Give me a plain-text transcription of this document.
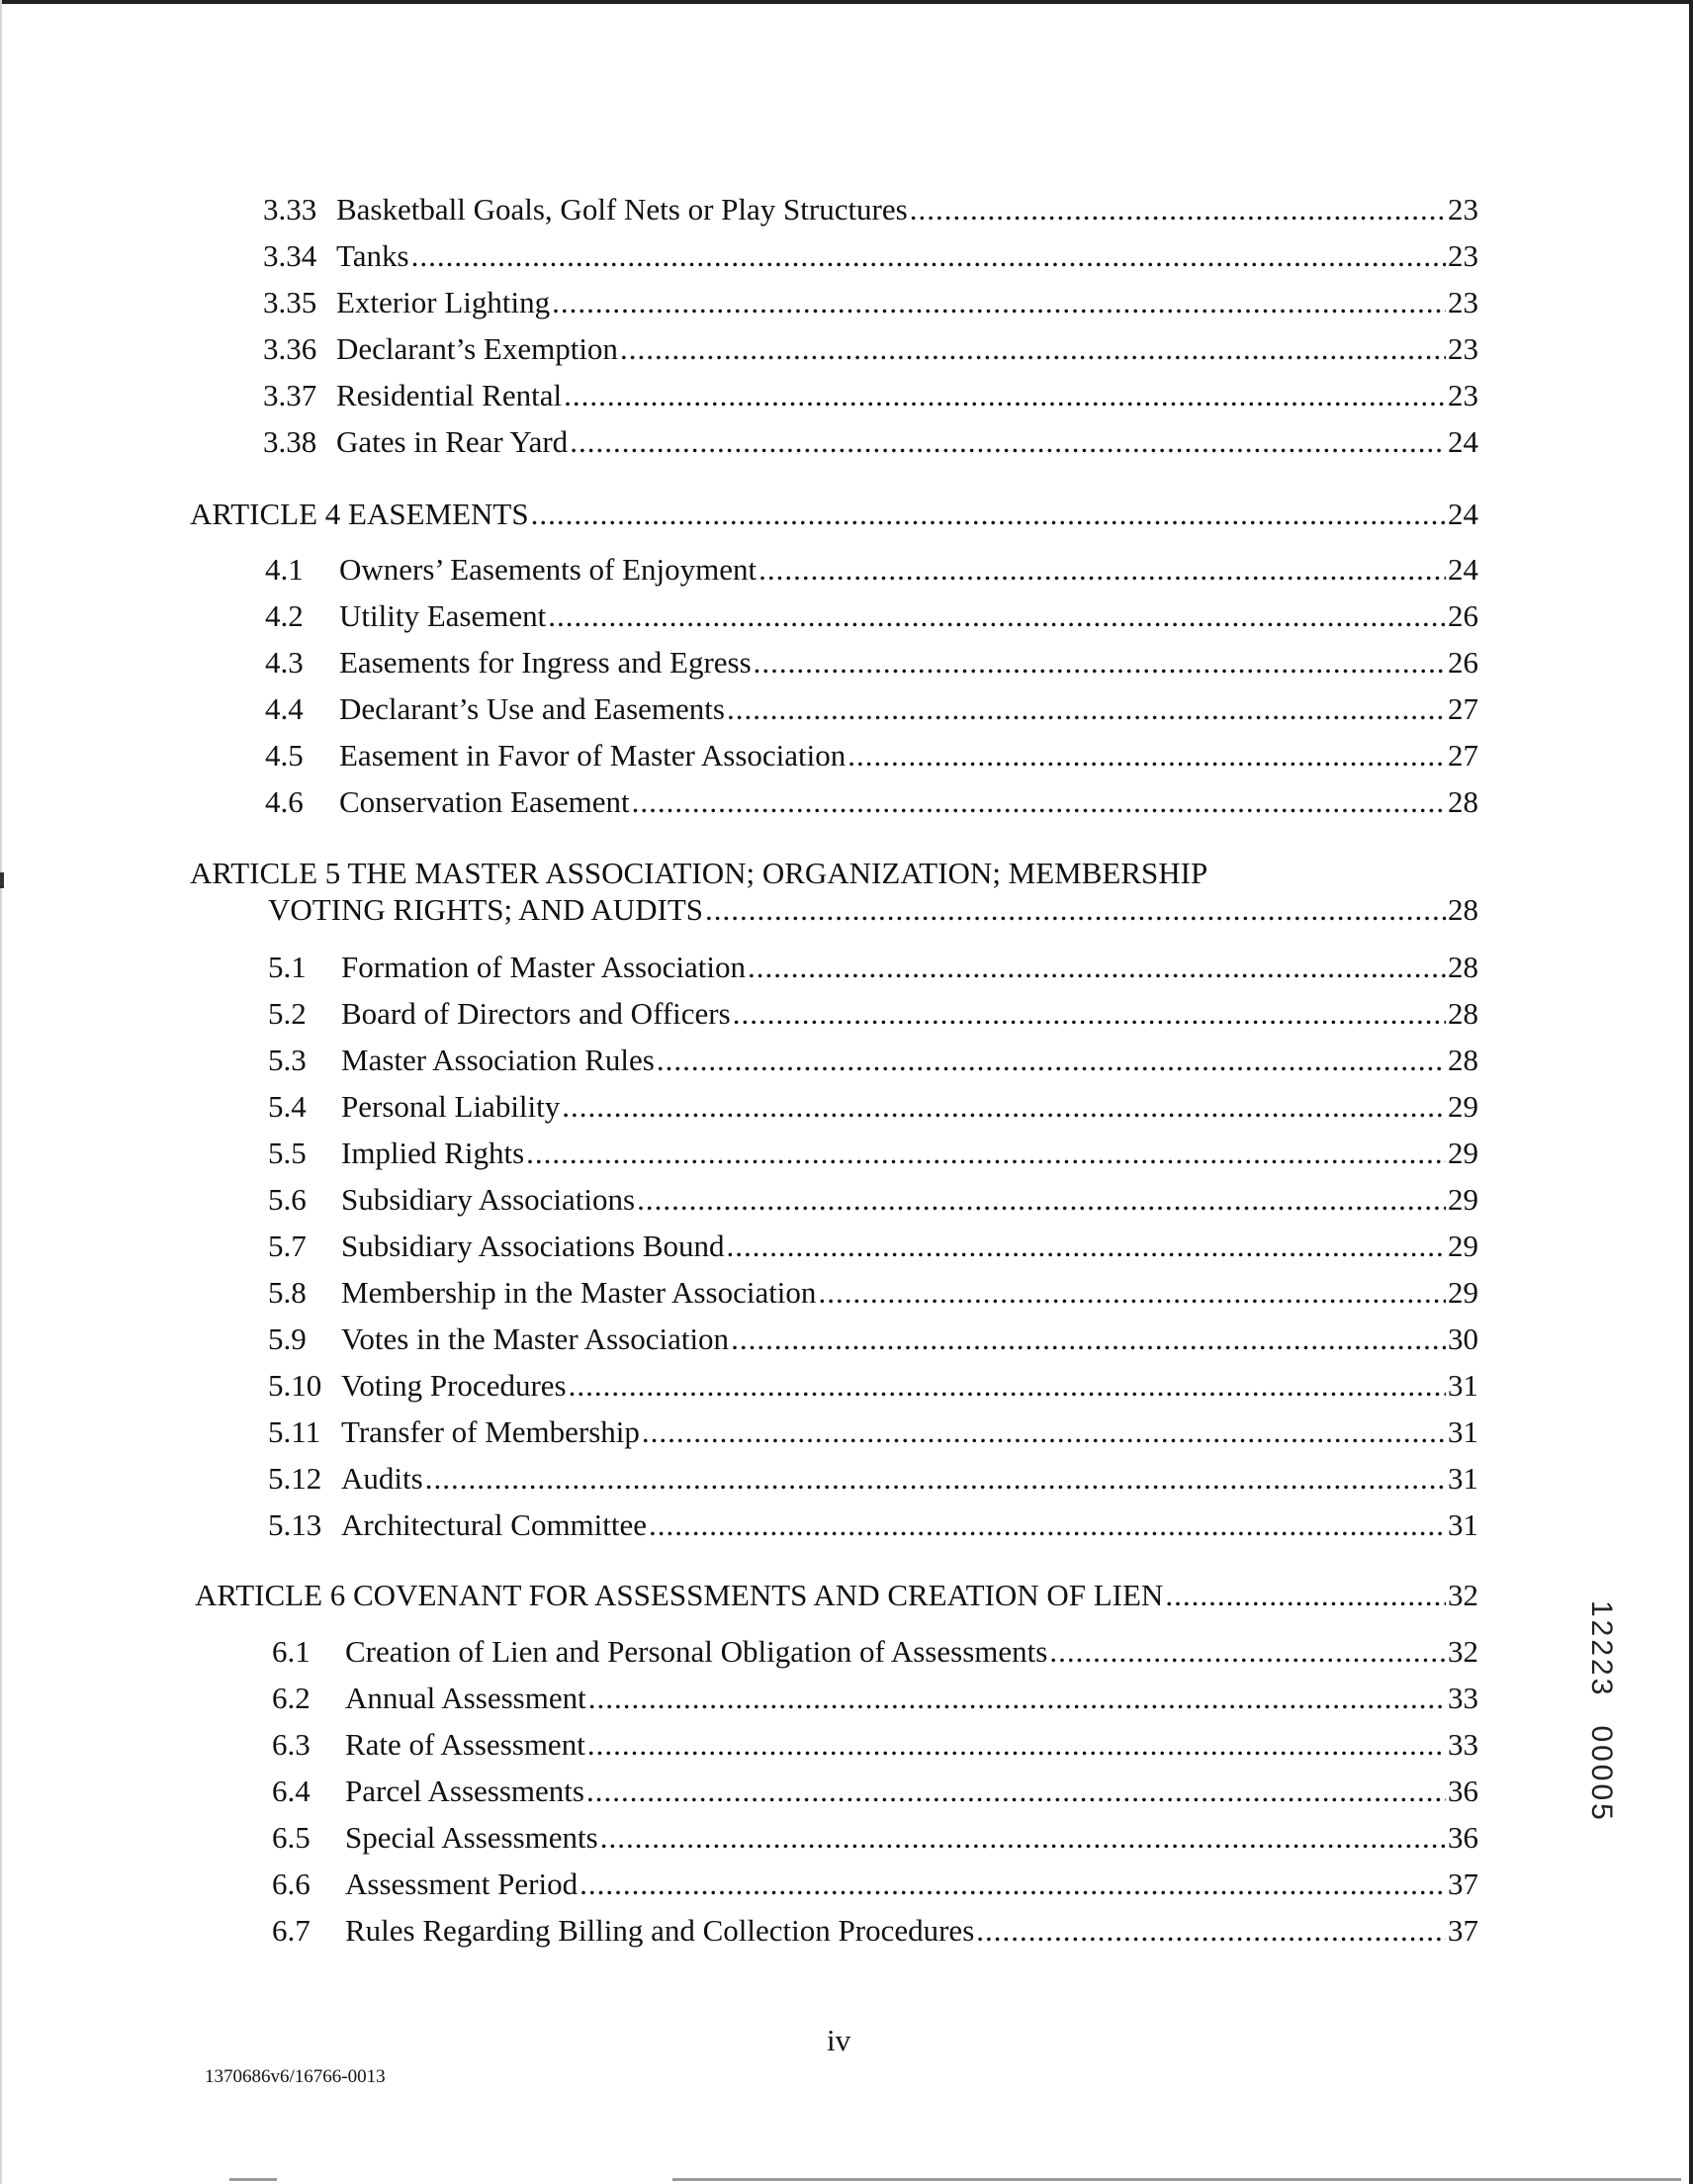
3.33 Basketball Goals, Golf Nets or Play Structures .....	23
3.34 Tanks .....	23
3.35 Exterior Lighting .....	23
3.36 Declarant’s Exemption .....	23
3.37 Residential Rental .....	23
3.38 Gates in Rear Yard .....	24
ARTICLE 4 EASEMENTS .....	24
4.1	Owners’ Easements of Enjoyment .....	24
4.2	Utility Easement .....	26
4.3	Easements for Ingress and Egress .....	26
4.4	Declarant’s Use and Easements .....	27
4.5	Easement in Favor of Master Association .....	27
4.6	Conservation Easement .....	28
ARTICLE 5 THE MASTER ASSOCIATION; ORGANIZATION; MEMBERSHIP
VOTING RIGHTS; AND AUDITS .....	28
5.1	Formation of Master Association .....	28
5.2	Board of Directors and Officers .....	28
5.3	Master Association Rules .....	28
5.4	Personal Liability .....	29
5.5	Implied Rights .....	29
5.6	Subsidiary Associations .....	29
5.7	Subsidiary Associations Bound .....	29
5.8	Membership in the Master Association .....	29
5.9	Votes in the Master Association .....	30
5.10 Voting Procedures .....	31
5.11 Transfer of Membership .....	31
5.12 Audits .....	31
5.13 Architectural Committee .....	31
ARTICLE 6 COVENANT FOR ASSESSMENTS AND CREATION OF LIEN .....	32
6.1	Creation of Lien and Personal Obligation of Assessments .....	32
6.2	Annual Assessment .....	33
6.3	Rate of Assessment .....	33
6.4	Parcel Assessments .....	36
6.5	Special Assessments .....	36
6.6	Assessment Period .....	37
6.7	Rules Regarding Billing and Collection Procedures .....	37
iv
1370686v6/16766-0013
1222300005
